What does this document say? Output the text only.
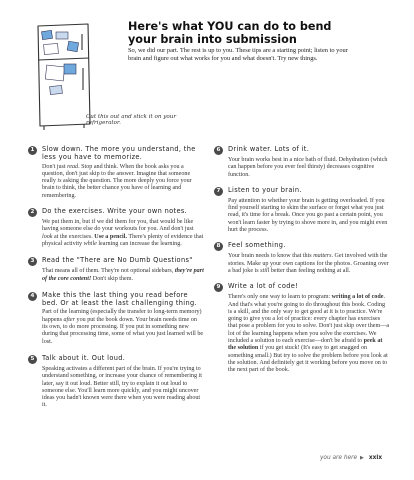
Cut this out and stick it on your refrigerator.
Here's what YOU can do to bend your brain into submission
So, we did our part. The rest is up to you. These tips are a starting point; listen to your brain and figure out what works for you and what doesn't. Try new things.
1	Slow down. The more you understand, the less you have to memorize.

Don't just read. Stop and think. When the book asks you a question, don't just skip to the answer. Imagine that someone really is asking the question. The more deeply you force your brain to think, the better chance you have of learning and remembering.

2	Do the exercises. Write your own notes.

We put them in, but if we did them for you, that would be like having someone else do your workouts for you. And don't just look at the exercises. Use a pencil. There's plenty of evidence that physical activity while learning can increase the learning.

3	Read the "There are No Dumb Questions"

That means all of them. They're not optional sidebars, they're part of the core content! Don't skip them.

4	Make this the last thing you read before bed. Or at least the last challenging thing.

Part of the learning (especially the transfer to long-term memory) happens after you put the book down. Your brain needs time on its own, to do more processing. If you put in something new during that processing time, some of what you just learned will be lost.

5	Talk about it. Out loud.

Speaking activates a different part of the brain. If you're trying to understand something, or increase your chance of remembering it later, say it out loud. Better still, try to explain it out loud to someone else. You'll learn more quickly, and you might uncover ideas you hadn't known were there when you were reading about it.

6	Drink water. Lots of it.

Your brain works best in a nice bath of fluid. Dehydration (which can happen before you ever feel thirsty) decreases cognitive function.

7	Listen to your brain.

Pay attention to whether your brain is getting overloaded. If you find yourself starting to skim the surface or forget what you just read, it's time for a break. Once you go past a certain point, you won't learn faster by trying to shove more in, and you might even hurt the process.

8	Feel something.

Your brain needs to know that this matters. Get involved with the stories. Make up your own captions for the photos. Groaning over a bad joke is still better than feeling nothing at all.

9	Write a lot of code!

There's only one way to learn to program: writing a lot of code. And that's what you're going to do throughout this book. Coding is a skill, and the only way to get good at it is to practice. We're going to give you a lot of practice: every chapter has exercises that pose a problem for you to solve. Don't just skip over them—a lot of the learning happens when you solve the exercises. We included a solution to each exercise—don't be afraid to peek at the solution if you get stuck! (It's easy to get snagged on something small.) But try to solve the problem before you look at the solution. And definitely get it working before you move on to the next part of the book.

you are here ▶ xxix
